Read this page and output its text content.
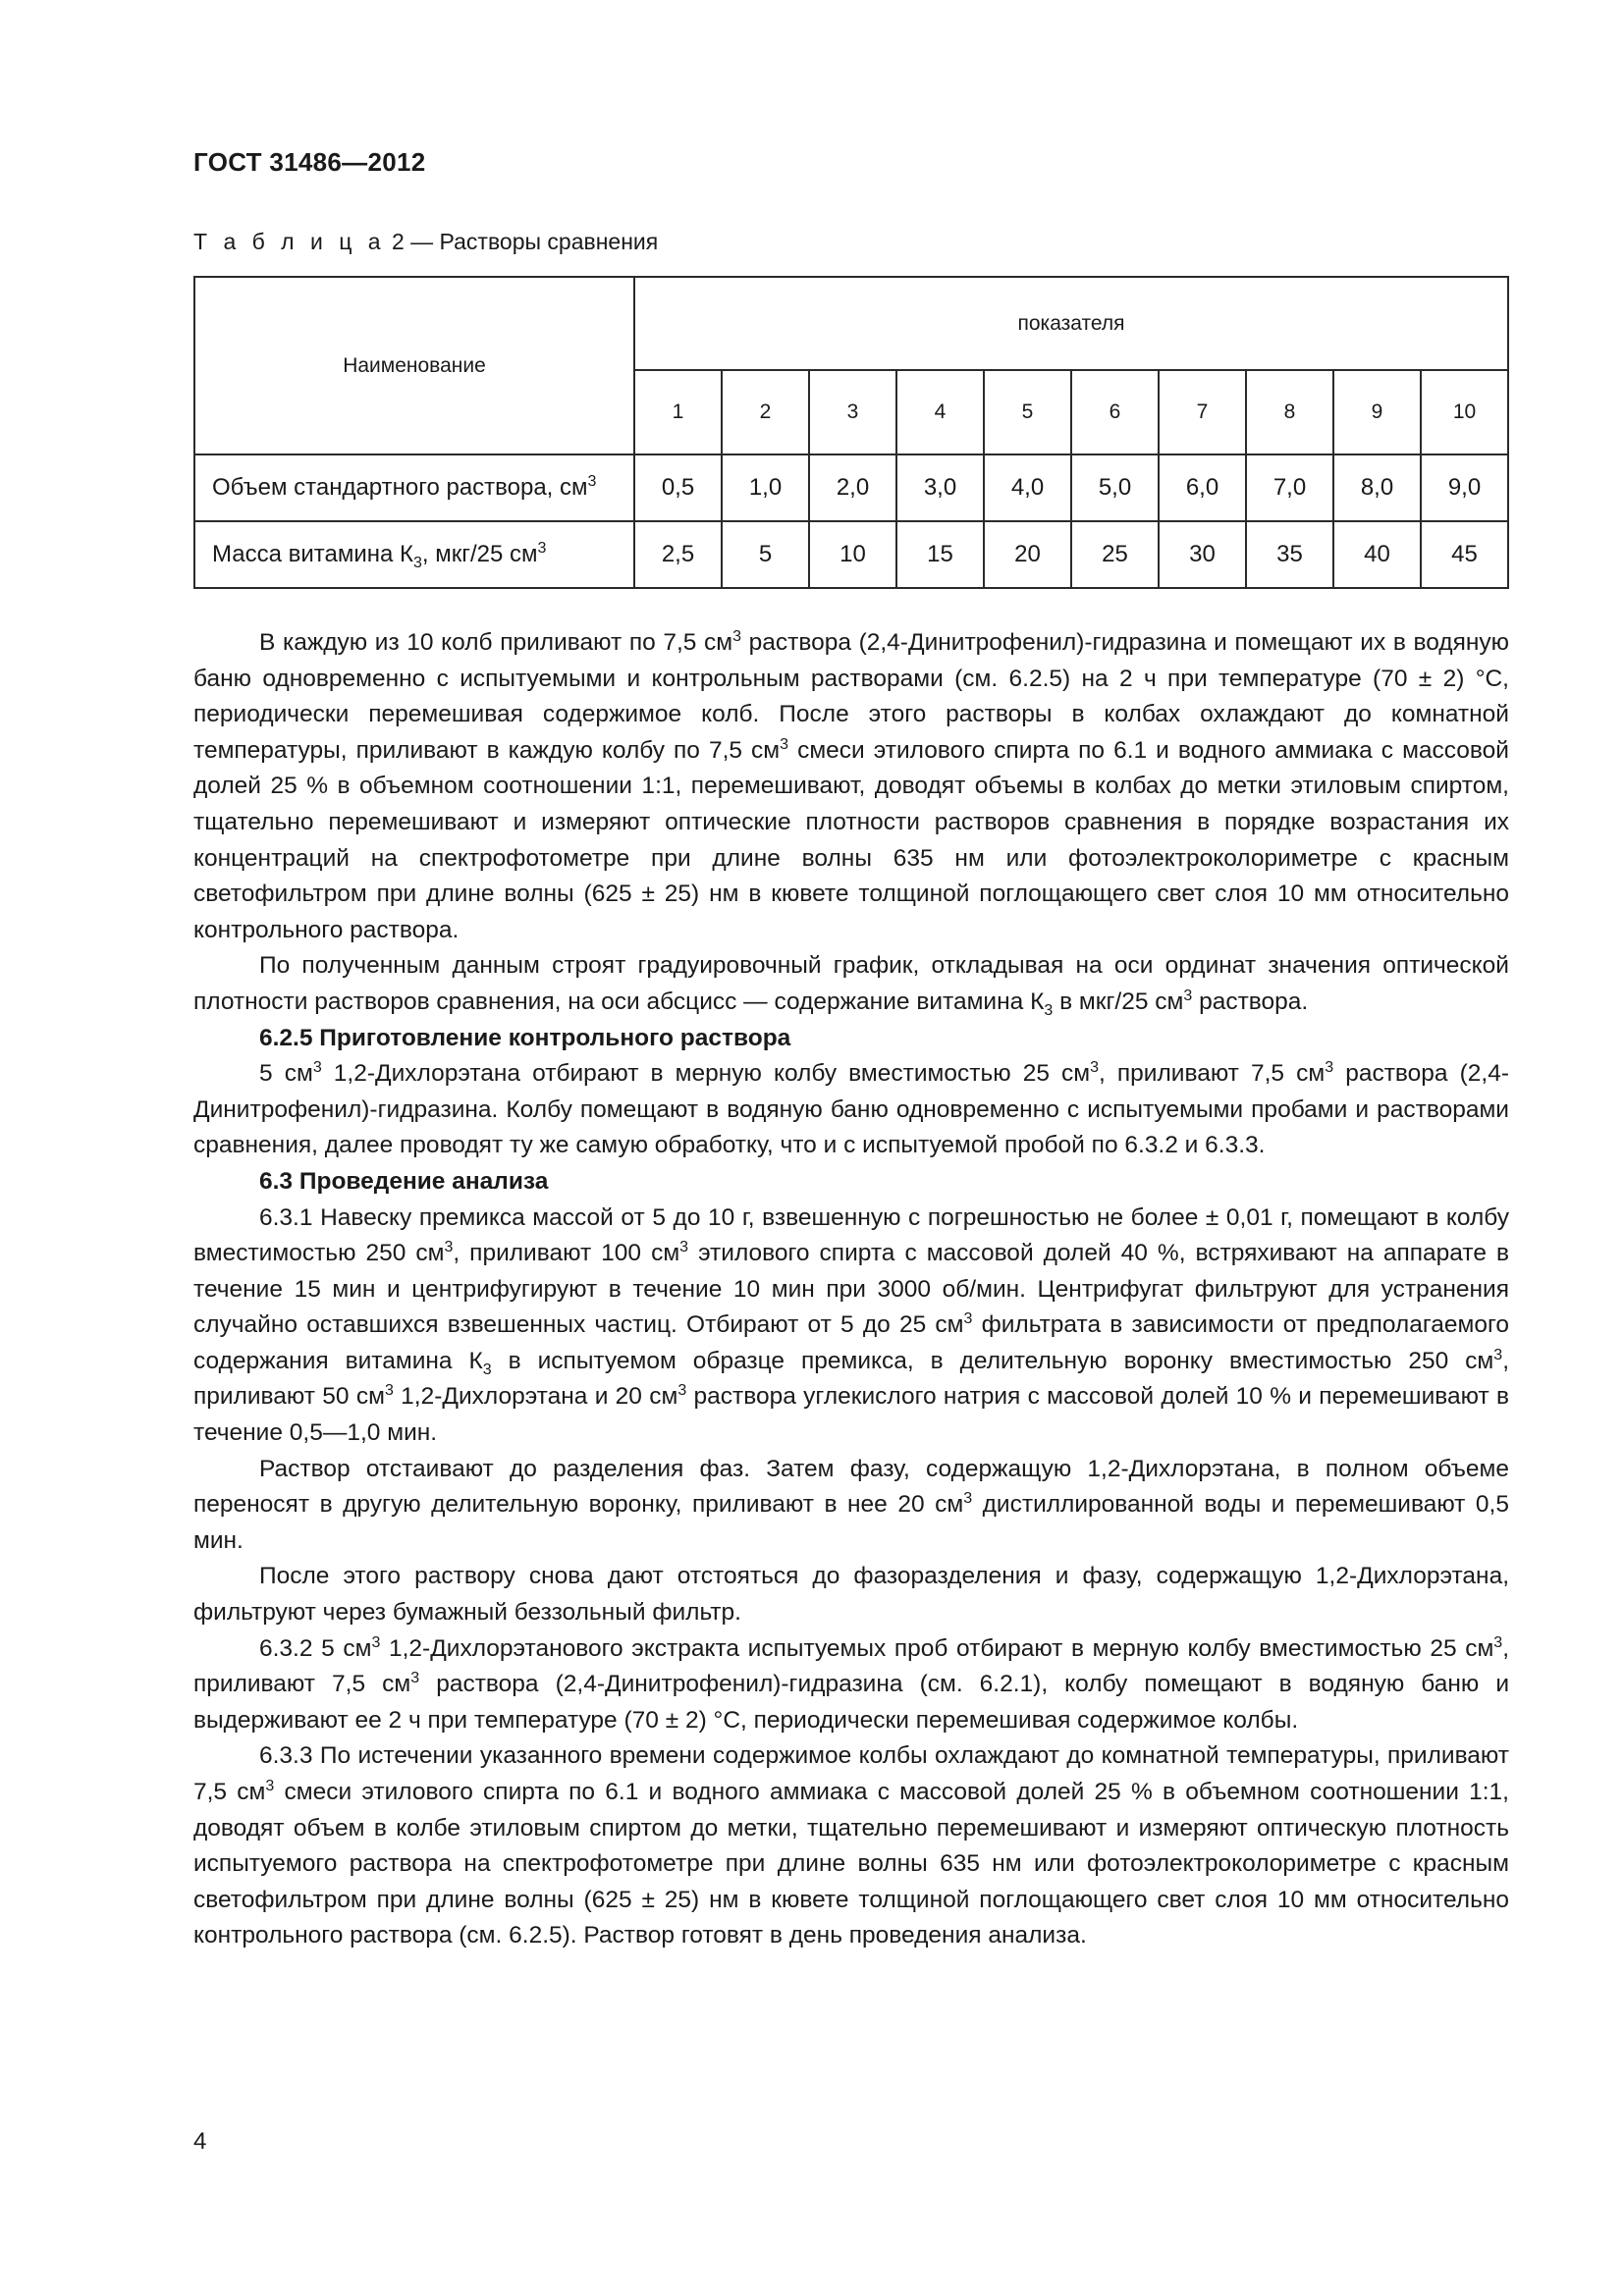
ГОСТ 31486—2012
Т а б л и ц а 2 — Растворы сравнения
Наименование	показателя									
	1	2	3	4	5	6	7	8	9	10
Объем стандартного раствора, $см^3$	0,5	1,0	2,0	3,0	4,0	5,0	6,0	7,0	8,0	9,0
Масса витамина $К_3$, мкг/25 $см^3$	2,5	5	10	15	20	25	30	35	40	45

В каждую из 10 колб приливают по 7,5 $см^3$ раствора (2,4-Динитрофенил)-гидразина и помещают их в водяную баню одновременно с испытуемыми и контрольным растворами (см. 6.2.5) на 2 ч при температуре (70 ± 2) °С, периодически перемешивая содержимое колб. После этого растворы в колбах охлаждают до комнатной температуры, приливают в каждую колбу по 7,5 $см^3$ смеси этилового спирта по 6.1 и водного аммиака с массовой долей 25 % в объемном соотношении 1:1, перемешивают, доводят объемы в колбах до метки этиловым спиртом, тщательно перемешивают и измеряют оптические плотности растворов сравнения в порядке возрастания их концентраций на спектрофотометре при длине волны 635 нм или фотоэлектроколориметре с красным светофильтром при длине волны (625 ± 25) нм в кювете толщиной поглощающего свет слоя 10 мм относительно контрольного раствора.

По полученным данным строят градуировочный график, откладывая на оси ординат значения оптической плотности растворов сравнения, на оси абсцисс — содержание витамина $К_3$ в мкг/25 $см^3$ раствора.

6.2.5 Приготовление контрольного раствора

5 $см^3$ 1,2-Дихлорэтана отбирают в мерную колбу вместимостью 25 $см^3$, приливают 7,5 $см^3$ раствора (2,4-Динитрофенил)-гидразина. Колбу помещают в водяную баню одновременно с испытуемыми пробами и растворами сравнения, далее проводят ту же самую обработку, что и с испытуемой пробой по 6.3.2 и 6.3.3.

6.3 Проведение анализа

6.3.1 Навеску премикса массой от 5 до 10 г, взвешенную с погрешностью не более ± 0,01 г, помещают в колбу вместимостью 250 $см^3$, приливают 100 $см^3$ этилового спирта с массовой долей 40 %, встряхивают на аппарате в течение 15 мин и центрифугируют в течение 10 мин при 3000 об/мин. Центрифугат фильтруют для устранения случайно оставшихся взвешенных частиц. Отбирают от 5 до 25 $см^3$ фильтрата в зависимости от предполагаемого содержания витамина $К_3$ в испытуемом образце премикса, в делительную воронку вместимостью 250 $см^3$, приливают 50 $см^3$ 1,2-Дихлорэтана и 20 $см^3$ раствора углекислого натрия с массовой долей 10 % и перемешивают в течение 0,5—1,0 мин.

Раствор отстаивают до разделения фаз. Затем фазу, содержащую 1,2-Дихлорэтана, в полном объеме переносят в другую делительную воронку, приливают в нее 20 $см^3$ дистиллированной воды и перемешивают 0,5 мин.

После этого раствору снова дают отстояться до фазоразделения и фазу, содержащую 1,2-Дихлорэтана, фильтруют через бумажный беззольный фильтр.

6.3.2 5 $см^3$ 1,2-Дихлорэтанового экстракта испытуемых проб отбирают в мерную колбу вместимостью 25 $см^3$, приливают 7,5 $см^3$ раствора (2,4-Динитрофенил)-гидразина (см. 6.2.1), колбу помещают в водяную баню и выдерживают ее 2 ч при температуре (70 ± 2) °С, периодически перемешивая содержимое колбы.

6.3.3 По истечении указанного времени содержимое колбы охлаждают до комнатной температуры, приливают 7,5 $см^3$ смеси этилового спирта по 6.1 и водного аммиака с массовой долей 25 % в объемном соотношении 1:1, доводят объем в колбе этиловым спиртом до метки, тщательно перемешивают и измеряют оптическую плотность испытуемого раствора на спектрофотометре при длине волны 635 нм или фотоэлектроколориметре с красным светофильтром при длине волны (625 ± 25) нм в кювете толщиной поглощающего свет слоя 10 мм относительно контрольного раствора (см. 6.2.5). Раствор готовят в день проведения анализа.

4
